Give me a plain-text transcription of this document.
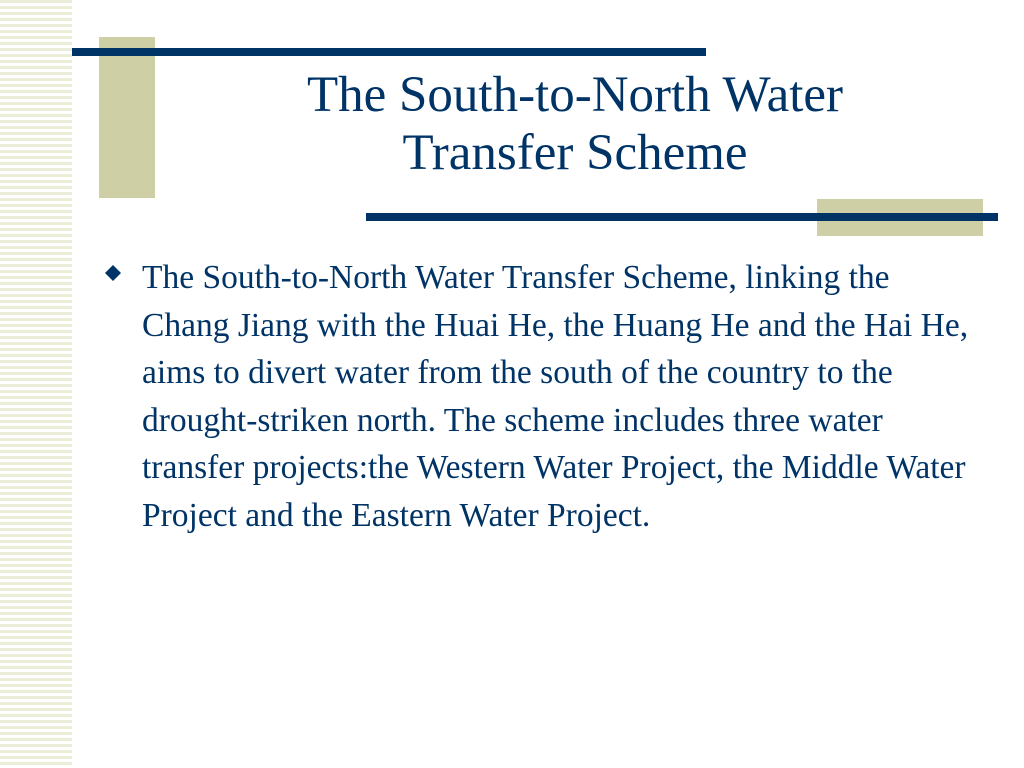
The South-to-North Water
Transfer Scheme

The South-to-North Water Transfer Scheme, linking the Chang Jiang with the Huai He, the Huang He and the Hai He, aims to divert water from the south of the country to the drought-striken north. The scheme includes three water transfer projects:the Western Water Project, the Middle Water Project and the Eastern Water Project.
